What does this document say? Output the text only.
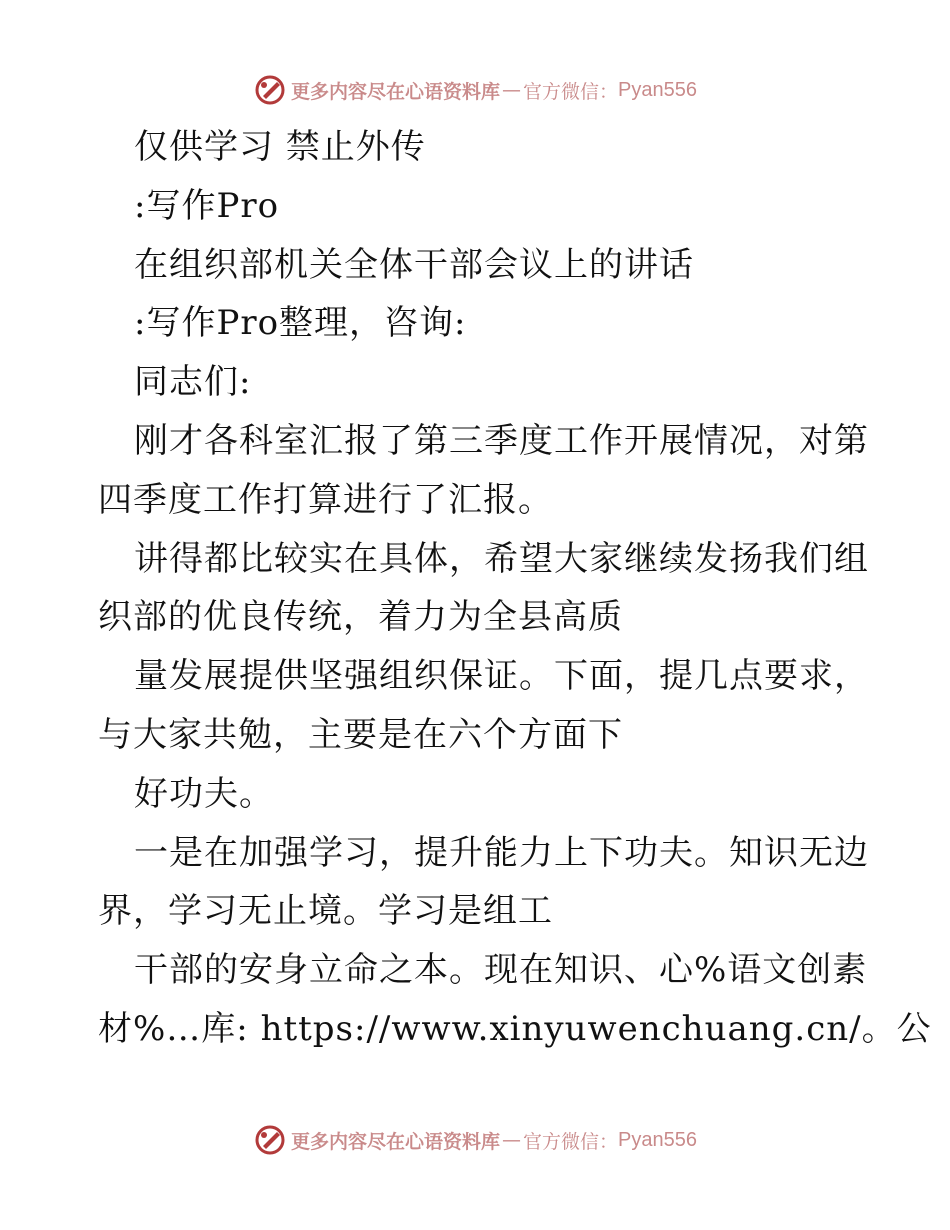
更多内容尽在心语资料库 — 官方微信： Pyan556
仅供学习 禁止外传
:写作Pro
在组织部机关全体干部会议上的讲话
:写作Pro整理，咨询:
同志们:
刚才各科室汇报了第三季度工作开展情况，对第
四季度工作打算进行了汇报。
讲得都比较实在具体，希望大家继续发扬我们组
织部的优良传统，着力为全县高质
量发展提供坚强组织保证。下面，提几点要求，
与大家共勉，主要是在六个方面下
好功夫。
一是在加强学习，提升能力上下功夫。知识无边
界，学习无止境。学习是组工
干部的安身立命之本。现在知识、心%语文创素
材%…库: https://www.xinyuwenchuang.cn/。公
更多内容尽在心语资料库 — 官方微信： Pyan556
